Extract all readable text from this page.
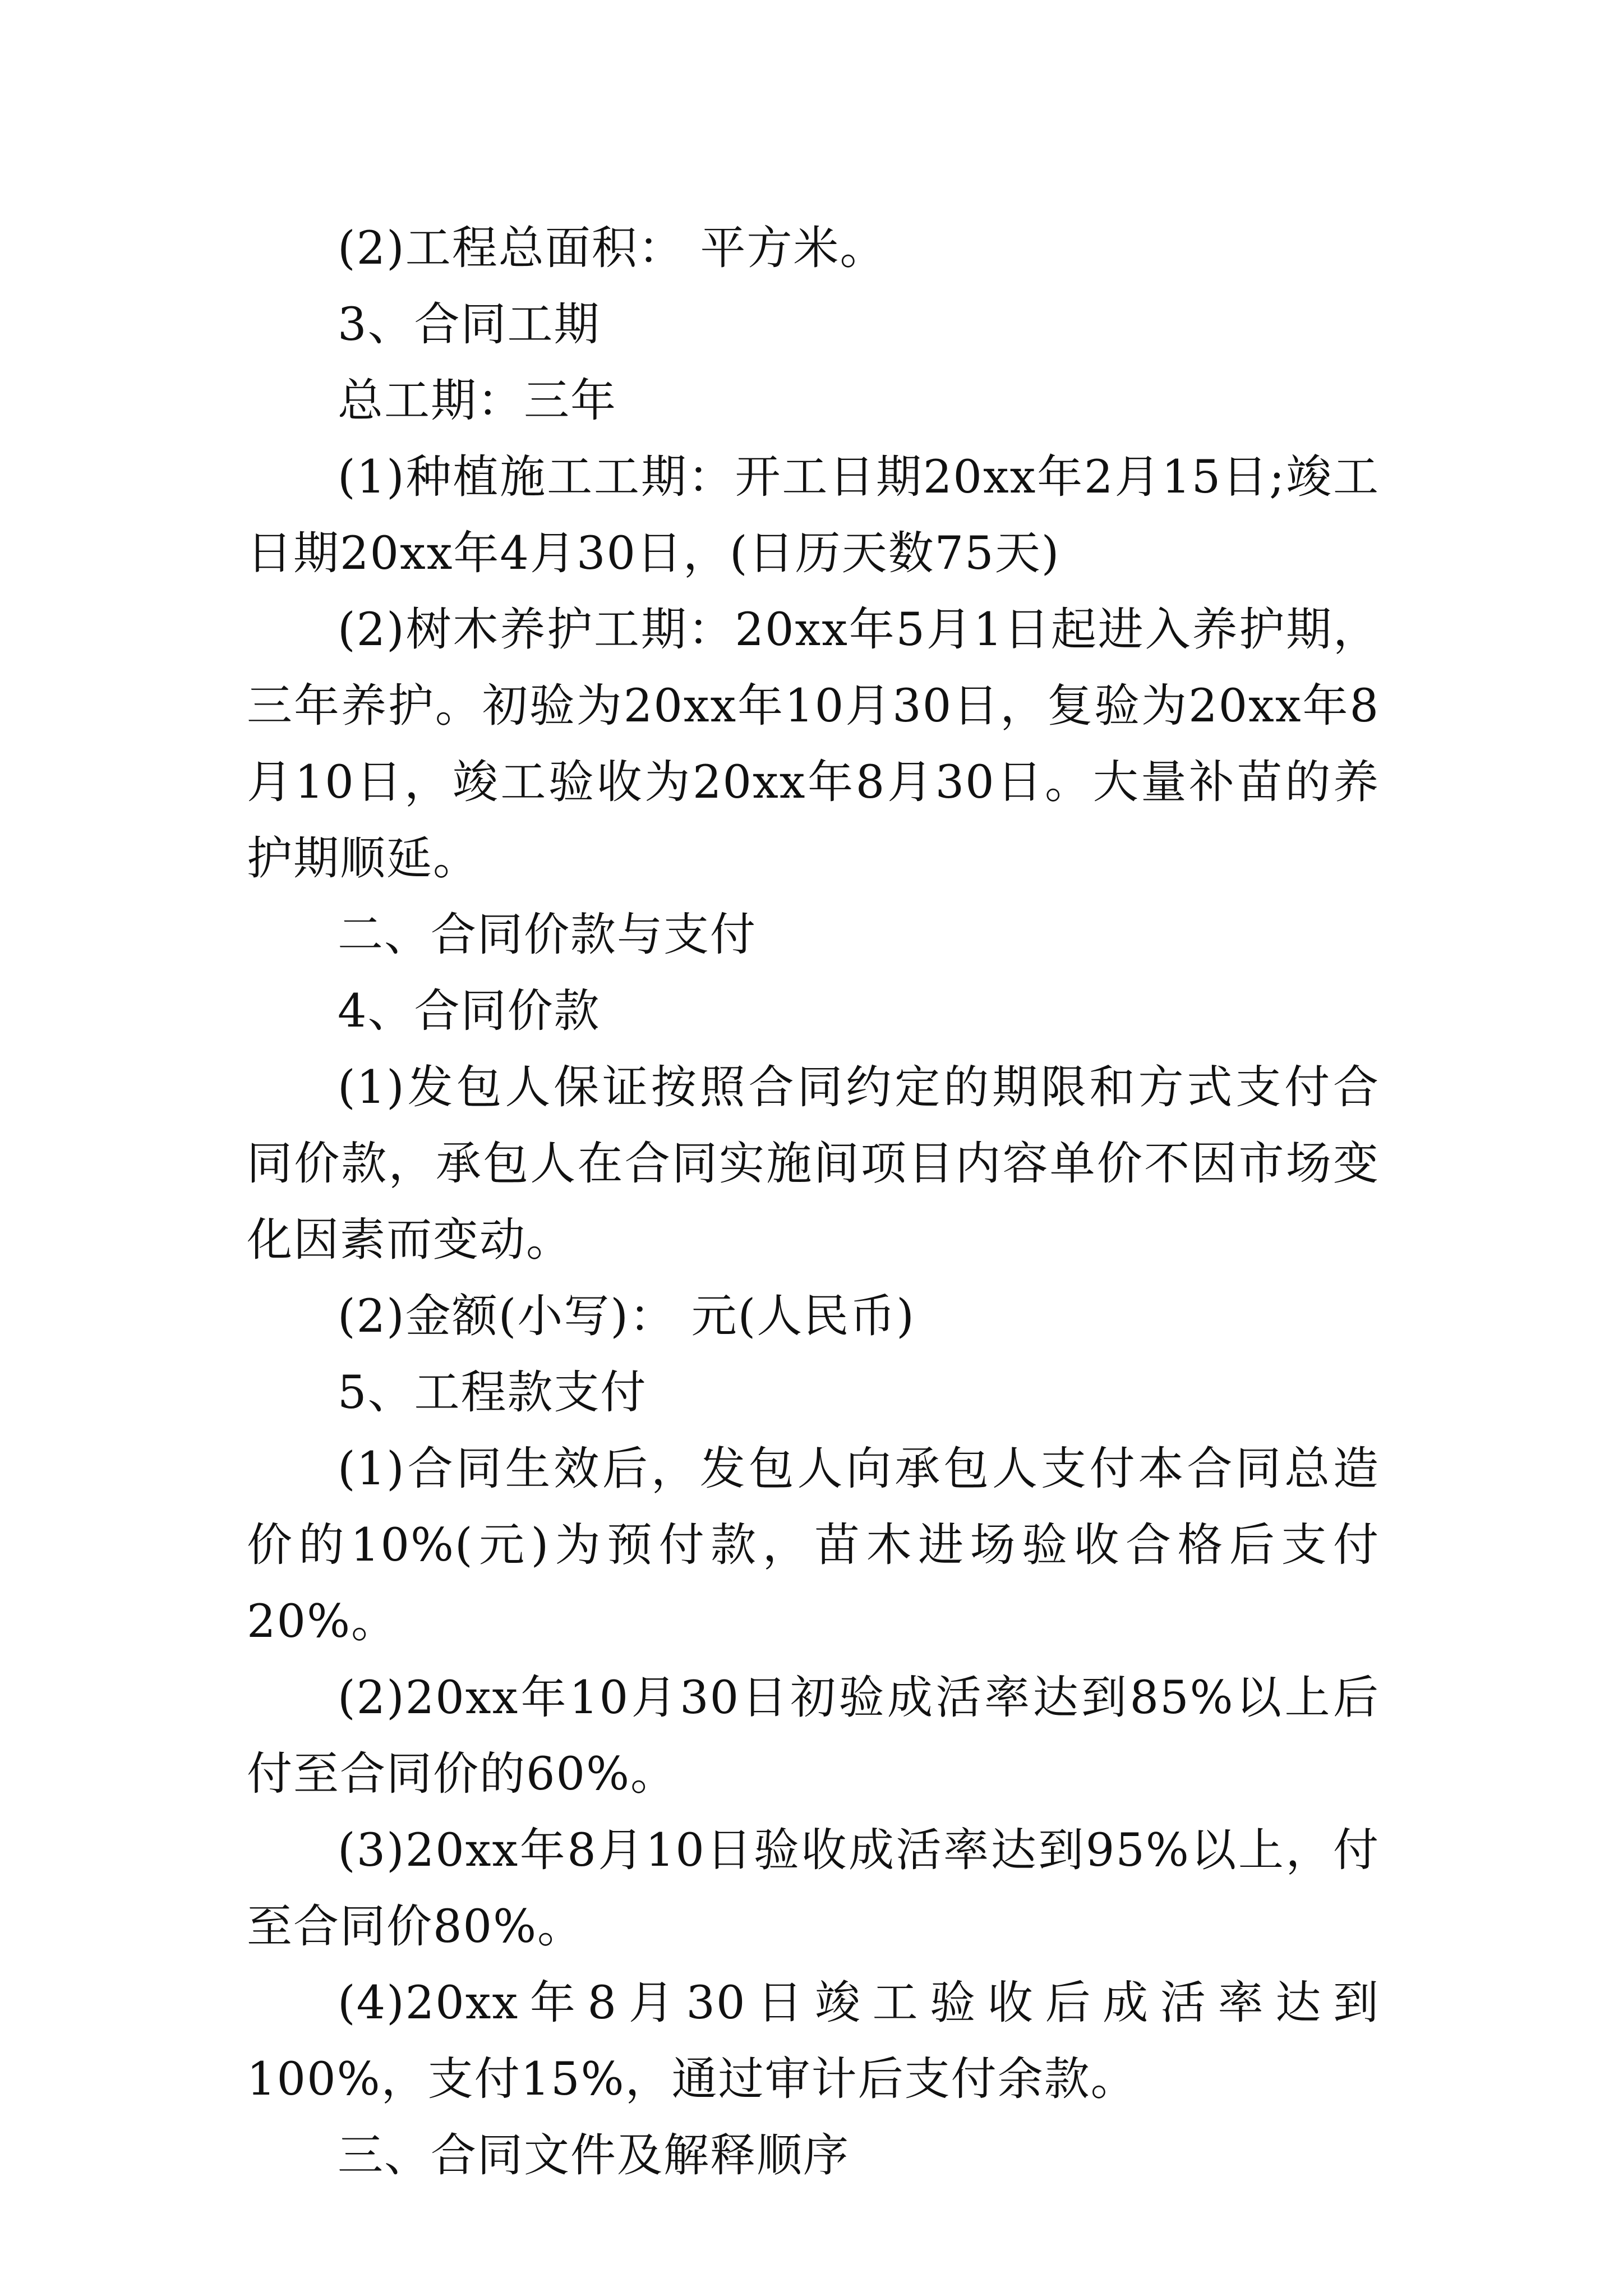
(2)工程总面积： 平方米。

3、合同工期

总工期：三年

(1)种植施工工期：开工日期20xx年2月15日;竣工日期20xx年4月30日，(日历天数75天)

(2)树木养护工期：20xx年5月1日起进入养护期，三年养护。初验为20xx年10月30日，复验为20xx年8月10日，竣工验收为20xx年8月30日。大量补苗的养护期顺延。

二、合同价款与支付

4、合同价款

(1)发包人保证按照合同约定的期限和方式支付合同价款，承包人在合同实施间项目内容单价不因市场变化因素而变动。

(2)金额(小写)： 元(人民币)

5、工程款支付

(1)合同生效后，发包人向承包人支付本合同总造价的10%(元)为预付款，苗木进场验收合格后支付20%。

(2)20xx年10月30日初验成活率达到85%以上后付至合同价的60%。

(3)20xx年8月10日验收成活率达到95%以上，付至合同价80%。

(4)20xx年8月30日竣工验收后成活率达到100%，支付15%，通过审计后支付余款。

三、合同文件及解释顺序
